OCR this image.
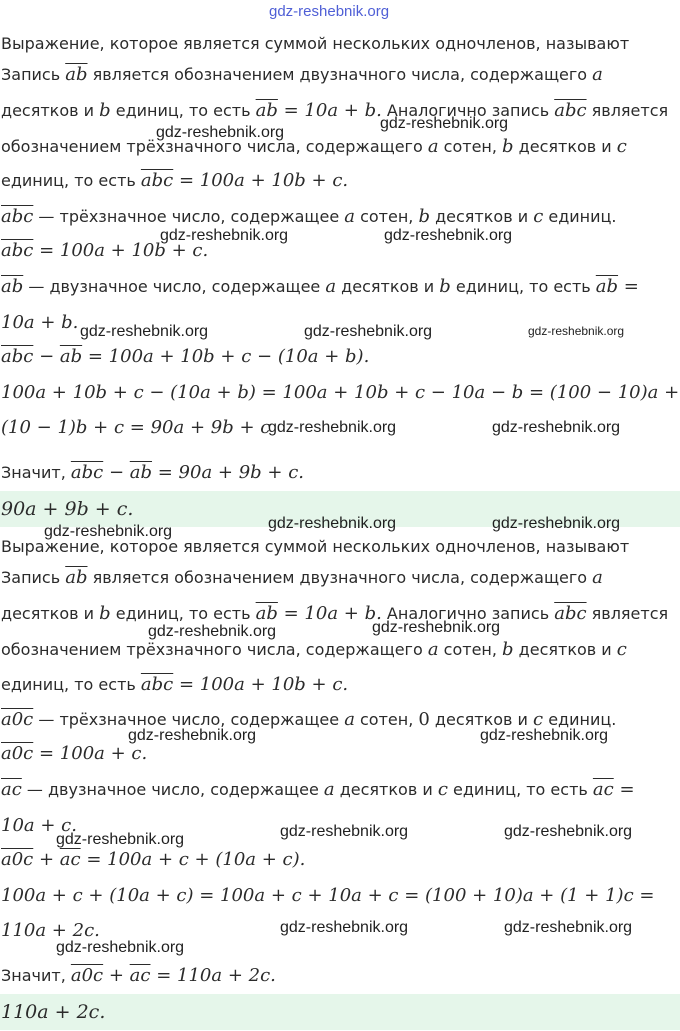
gdz-reshebnik.org
Выражение, которое является суммой нескольких одночленов, называют
Запись $\overline{ab}$ является обозначением двузначного числа, содержащего a
десятков и b единиц, то есть $\overline{ab} = 10a + b$. Аналогично запись $\overline{abc}$ является
обозначением трёхзначного числа, содержащего a сотен, b десятков и c
единиц, то есть $\overline{abc} = 100a + 10b + c$.
$\overline{abc}$ — трёхзначное число, содержащее a сотен, b десятков и c единиц.
$\overline{abc} = 100a + 10b + c$.
$\overline{ab}$ — двузначное число, содержащее a десятков и b единиц, то есть $\overline{ab}$ =
10a + b.
$\overline{abc} - \overline{ab} = 100a + 10b + c - (10a + b)$.
100a + 10b + c − (10a + b) = 100a + 10b + c − 10a − b = (100 − 10)a +
(10 − 1)b + c = 90a + 9b + c
Значит, $\overline{abc} - \overline{ab} = 90a + 9b + c$.
90a + 9b + c.
Выражение, которое является суммой нескольких одночленов, называют
Запись $\overline{ab}$ является обозначением двузначного числа, содержащего a
десятков и b единиц, то есть $\overline{ab} = 10a + b$. Аналогично запись $\overline{abc}$ является
обозначением трёхзначного числа, содержащего a сотен, b десятков и c
единиц, то есть $\overline{abc} = 100a + 10b + c$.
a0c — трёхзначное число, содержащее a сотен, 0 десятков и c единиц.
a0c = 100a + c.
$\overline{ac}$ — двузначное число, содержащее a десятков и c единиц, то есть $\overline{ac}$ =
10a + c.
$a0c + \overline{ac} = 100a + c + (10a + c)$.
100a + c + (10a + c) = 100a + c + 10a + c = (100 + 10)a + (1 + 1)c =
110a + 2c.
Значит, $a0c + \overline{ac} = 110a + 2c$.
110a + 2c.
gdz-reshebnik.org
gdz-reshebnik.org
gdz-reshebnik.org	gdz-reshebnik.org
gdz-reshebnik.org	gdz-reshebnik.org	gdz-reshebnik.org
gdz-reshebnik.org	gdz-reshebnik.org
gdz-reshebnik.org	gdz-reshebnik.org	gdz-reshebnik.org
gdz-reshebnik.org	gdz-reshebnik.org
gdz-reshebnik.org	gdz-reshebnik.org
gdz-reshebnik.org	gdz-reshebnik.org	gdz-reshebnik.org
gdz-reshebnik.org	gdz-reshebnik.org
gdz-reshebnik.org
